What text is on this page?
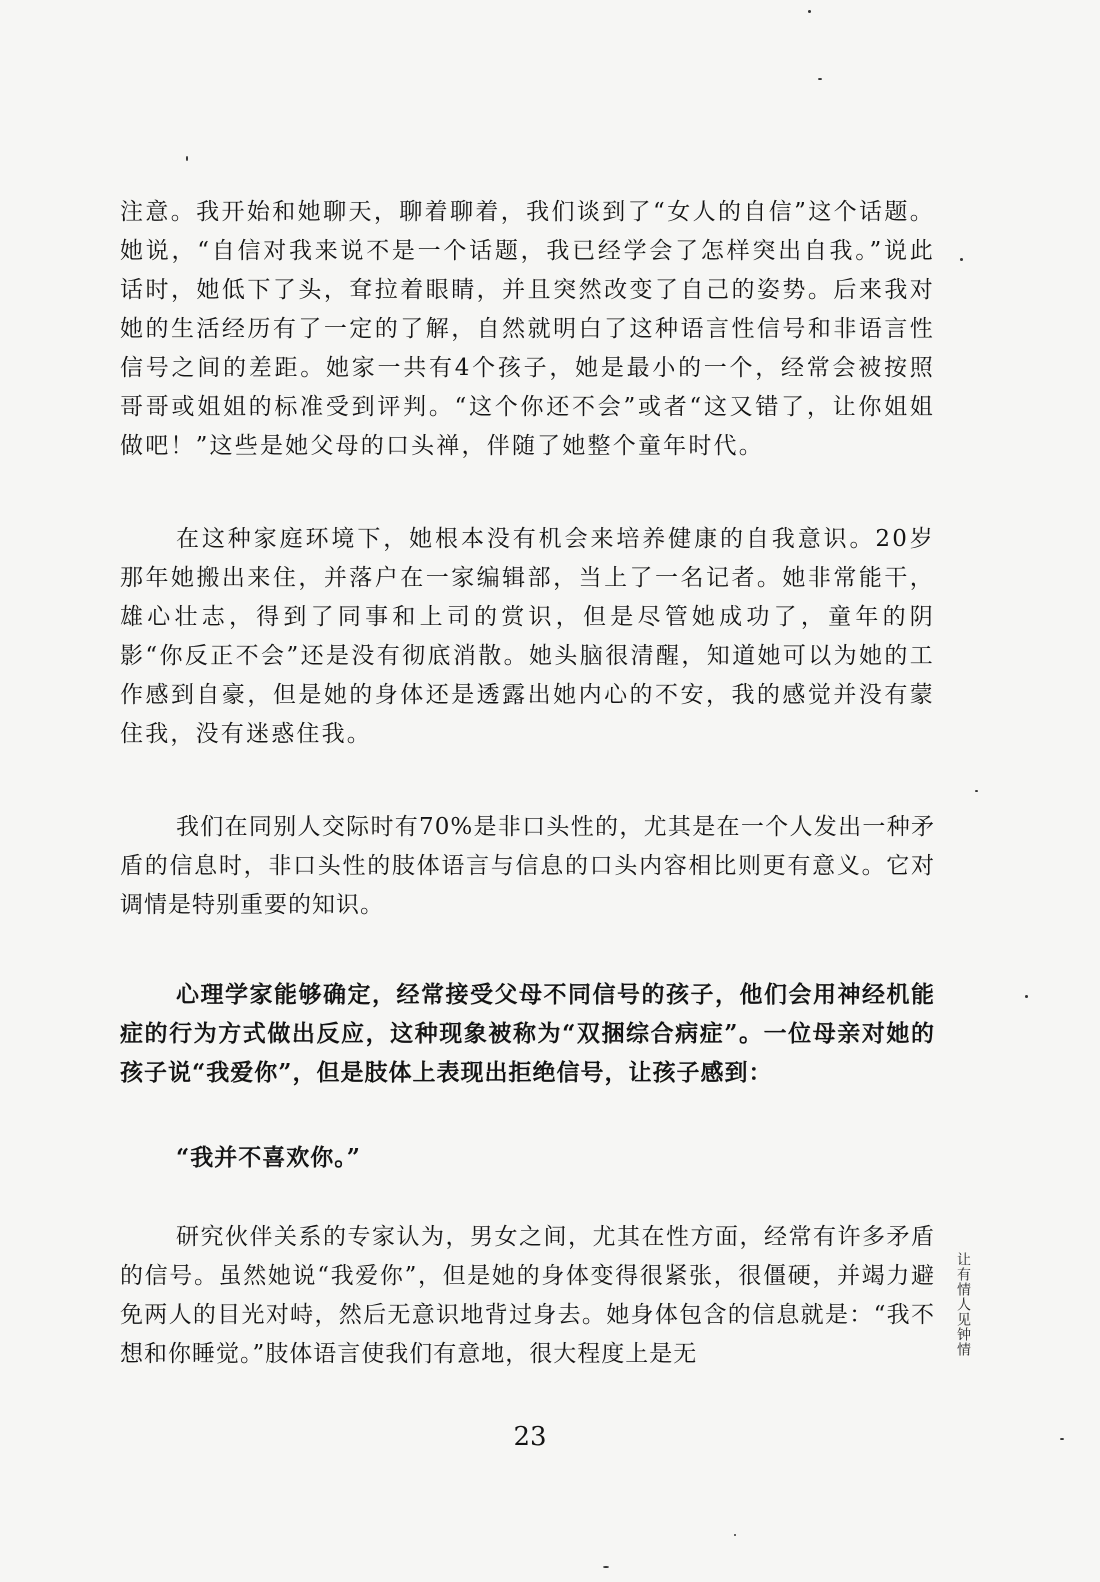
注意。我开始和她聊天，聊着聊着，我们谈到了“女人的自信”这个话题。她说，“自信对我来说不是一个话题，我已经学会了怎样突出自我。”说此话时，她低下了头，耷拉着眼睛，并且突然改变了自己的姿势。后来我对她的生活经历有了一定的了解，自然就明白了这种语言性信号和非语言性信号之间的差距。她家一共有4个孩子，她是最小的一个，经常会被按照哥哥或姐姐的标准受到评判。“这个你还不会”或者“这又错了，让你姐姐做吧！”这些是她父母的口头禅，伴随了她整个童年时代。

在这种家庭环境下，她根本没有机会来培养健康的自我意识。20岁那年她搬出来住，并落户在一家编辑部，当上了一名记者。她非常能干，雄心壮志，得到了同事和上司的赏识，但是尽管她成功了，童年的阴影“你反正不会”还是没有彻底消散。她头脑很清醒，知道她可以为她的工作感到自豪，但是她的身体还是透露出她内心的不安，我的感觉并没有蒙住我，没有迷惑住我。

我们在同别人交际时有70%是非口头性的，尤其是在一个人发出一种矛盾的信息时，非口头性的肢体语言与信息的口头内容相比则更有意义。它对调情是特别重要的知识。

心理学家能够确定，经常接受父母不同信号的孩子，他们会用神经机能症的行为方式做出反应，这种现象被称为“双捆综合病症”。一位母亲对她的孩子说“我爱你”，但是肢体上表现出拒绝信号，让孩子感到：

“我并不喜欢你。”

研究伙伴关系的专家认为，男女之间，尤其在性方面，经常有许多矛盾的信号。虽然她说“我爱你”，但是她的身体变得很紧张，很僵硬，并竭力避免两人的目光对峙，然后无意识地背过身去。她身体包含的信息就是：“我不想和你睡觉。”肢体语言使我们有意地，很大程度上是无	让有情人见钟情
23
